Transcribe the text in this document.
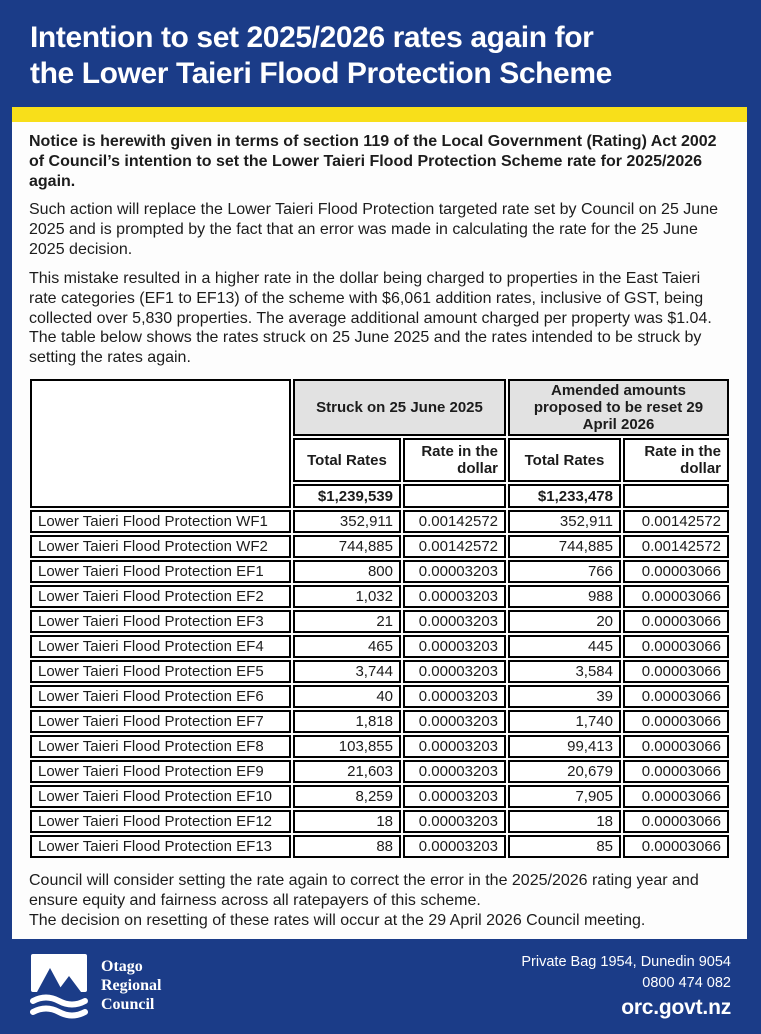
Intention to set 2025/2026 rates again for
the Lower Taieri Flood Protection Scheme

Notice is herewith given in terms of section 119 of the Local Government (Rating) Act 2002 of Council’s intention to set the Lower Taieri Flood Protection Scheme rate for 2025/2026 again.

Such action will replace the Lower Taieri Flood Protection targeted rate set by Council on 25 June 2025 and is prompted by the fact that an error was made in calculating the rate for the 25 June 2025 decision.

This mistake resulted in a higher rate in the dollar being charged to properties in the East Taieri rate categories (EF1 to EF13) of the scheme with $6,061 addition rates, inclusive of GST, being collected over 5,830 properties. The average additional amount charged per property was $1.04. The table below shows the rates struck on 25 June 2025 and the rates intended to be struck by setting the rates again.

	Struck on 25 June 2025		Amended amounts proposed to be reset 29 April 2026	
	Total Rates	Rate in the dollar	Total Rates	Rate in the dollar
	$1,239,539		$1,233,478	
Lower Taieri Flood Protection WF1	352,911	0.00142572	352,911	0.00142572
Lower Taieri Flood Protection WF2	744,885	0.00142572	744,885	0.00142572
Lower Taieri Flood Protection EF1	800	0.00003203	766	0.00003066
Lower Taieri Flood Protection EF2	1,032	0.00003203	988	0.00003066
Lower Taieri Flood Protection EF3	21	0.00003203	20	0.00003066
Lower Taieri Flood Protection EF4	465	0.00003203	445	0.00003066
Lower Taieri Flood Protection EF5	3,744	0.00003203	3,584	0.00003066
Lower Taieri Flood Protection EF6	40	0.00003203	39	0.00003066
Lower Taieri Flood Protection EF7	1,818	0.00003203	1,740	0.00003066
Lower Taieri Flood Protection EF8	103,855	0.00003203	99,413	0.00003066
Lower Taieri Flood Protection EF9	21,603	0.00003203	20,679	0.00003066
Lower Taieri Flood Protection EF10	8,259	0.00003203	7,905	0.00003066
Lower Taieri Flood Protection EF12	18	0.00003203	18	0.00003066
Lower Taieri Flood Protection EF13	88	0.00003203	85	0.00003066

Council will consider setting the rate again to correct the error in the 2025/2026 rating year and ensure equity and fairness across all ratepayers of this scheme.

The decision on resetting of these rates will occur at the 29 April 2026 Council meeting.

Otago
Regional
Council
Private Bag 1954, Dunedin 9054
0800 474 082
orc.govt.nz
